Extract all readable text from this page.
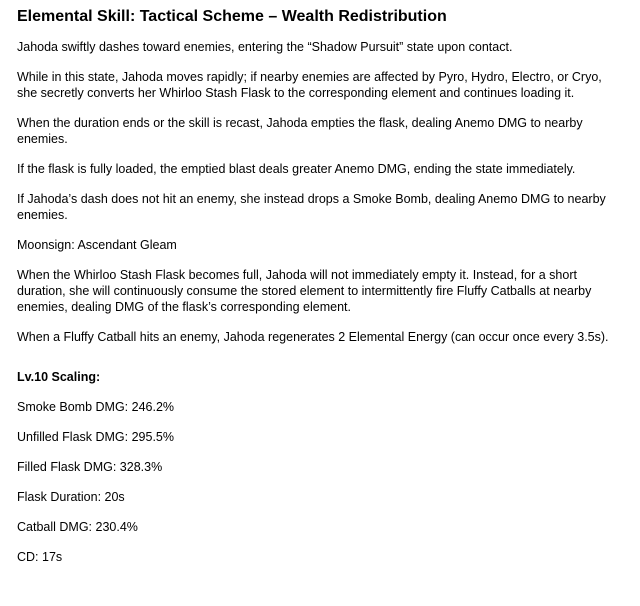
Elemental Skill: Tactical Scheme – Wealth Redistribution

Jahoda swiftly dashes toward enemies, entering the “Shadow Pursuit” state upon contact.

While in this state, Jahoda moves rapidly; if nearby enemies are affected by Pyro, Hydro, Electro, or Cryo, she secretly converts her Whirloo Stash Flask to the corresponding element and continues loading it.

When the duration ends or the skill is recast, Jahoda empties the flask, dealing Anemo DMG to nearby enemies.

If the flask is fully loaded, the emptied blast deals greater Anemo DMG, ending the state immediately.

If Jahoda’s dash does not hit an enemy, she instead drops a Smoke Bomb, dealing Anemo DMG to nearby enemies.

Moonsign: Ascendant Gleam

When the Whirloo Stash Flask becomes full, Jahoda will not immediately empty it. Instead, for a short duration, she will continuously consume the stored element to intermittently fire Fluffy Catballs at nearby enemies, dealing DMG of the flask’s corresponding element.

When a Fluffy Catball hits an enemy, Jahoda regenerates 2 Elemental Energy (can occur once every 3.5s).

Lv.10 Scaling:

Smoke Bomb DMG: 246.2%

Unfilled Flask DMG: 295.5%

Filled Flask DMG: 328.3%

Flask Duration: 20s

Catball DMG: 230.4%

CD: 17s
